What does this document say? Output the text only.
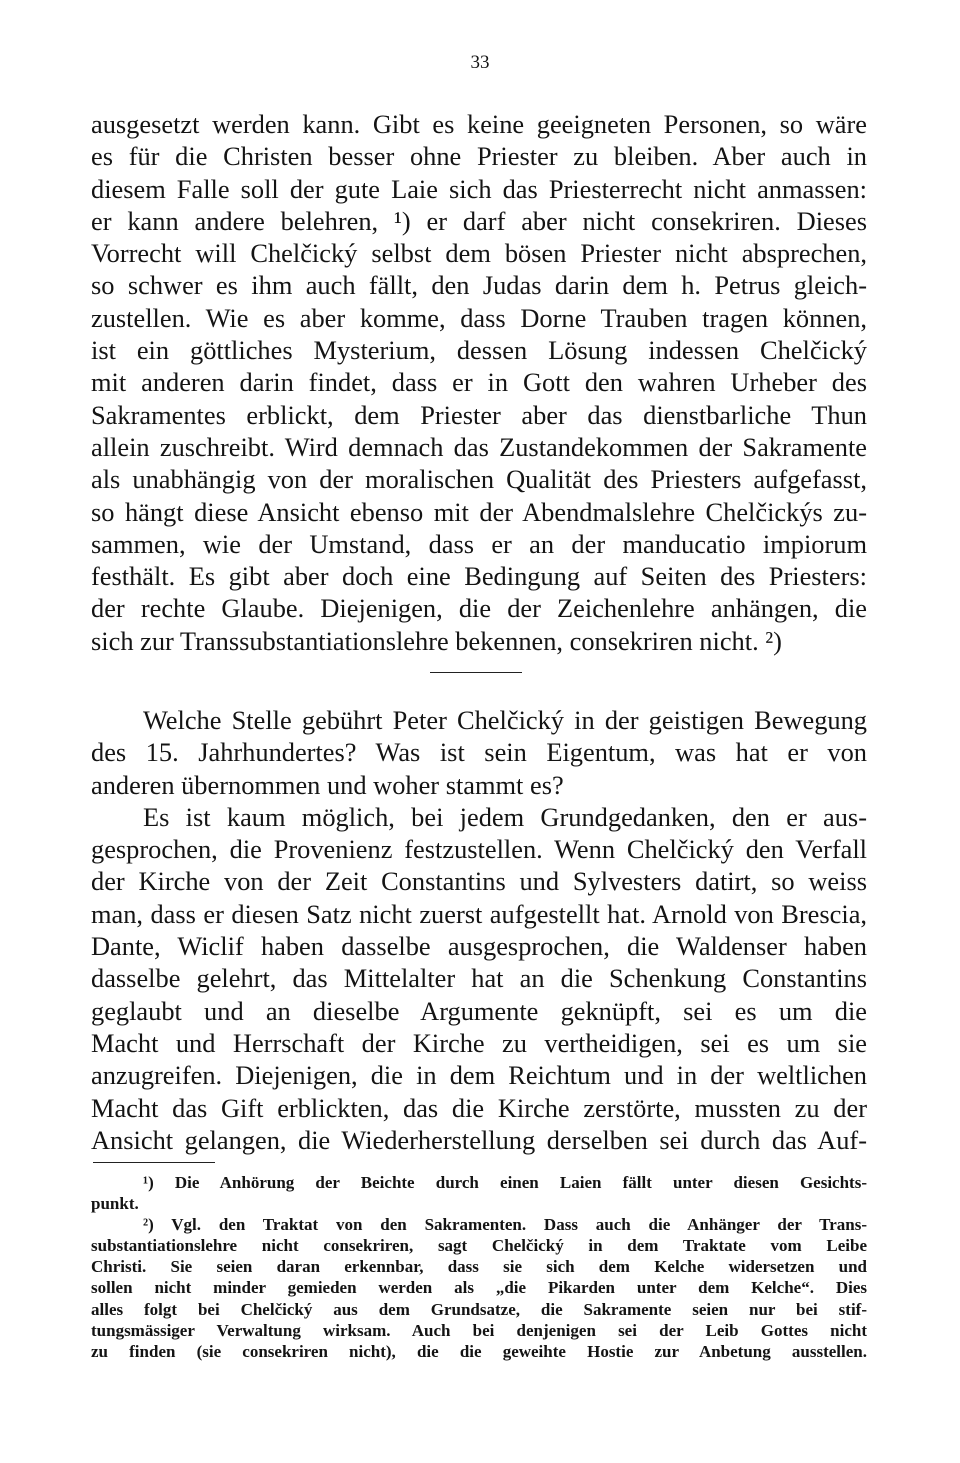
33

ausgesetzt werden kann. Gibt es keine geeigneten Personen, so wäre
es für die Christen besser ohne Priester zu bleiben. Aber auch in
diesem Falle soll der gute Laie sich das Priesterrecht nicht anmassen:
er kann andere belehren, ¹) er darf aber nicht consekriren. Dieses
Vorrecht will Chelčický selbst dem bösen Priester nicht absprechen,
so schwer es ihm auch fällt, den Judas darin dem h. Petrus gleich-
zustellen. Wie es aber komme, dass Dorne Trauben tragen können,
ist ein göttliches Mysterium, dessen Lösung indessen Chelčický
mit anderen darin findet, dass er in Gott den wahren Urheber des
Sakramentes erblickt, dem Priester aber das dienstbarliche Thun
allein zuschreibt. Wird demnach das Zustandekommen der Sakramente
als unabhängig von der moralischen Qualität des Priesters aufgefasst,
so hängt diese Ansicht ebenso mit der Abendmalslehre Chelčickýs zu-
sammen, wie der Umstand, dass er an der manducatio impiorum
festhält. Es gibt aber doch eine Bedingung auf Seiten des Priesters:
der rechte Glaube. Diejenigen, die der Zeichenlehre anhängen, die
sich zur Transsubstantiationslehre bekennen, consekriren nicht. ²)

Welche Stelle gebührt Peter Chelčický in der geistigen Bewegung
des 15. Jahrhundertes? Was ist sein Eigentum, was hat er von
anderen übernommen und woher stammt es?

Es ist kaum möglich, bei jedem Grundgedanken, den er aus-
gesprochen, die Provenienz festzustellen. Wenn Chelčický den Verfall
der Kirche von der Zeit Constantins und Sylvesters datirt, so weiss
man, dass er diesen Satz nicht zuerst aufgestellt hat. Arnold von Brescia,
Dante, Wiclif haben dasselbe ausgesprochen, die Waldenser haben
dasselbe gelehrt, das Mittelalter hat an die Schenkung Constantins
geglaubt und an dieselbe Argumente geknüpft, sei es um die
Macht und Herrschaft der Kirche zu vertheidigen, sei es um sie
anzugreifen. Diejenigen, die in dem Reichtum und in der weltlichen
Macht das Gift erblickten, das die Kirche zerstörte, mussten zu der
Ansicht gelangen, die Wiederherstellung derselben sei durch das Auf-

¹) Die Anhörung der Beichte durch einen Laien fällt unter diesen Gesichts-
punkt.

²) Vgl. den Traktat von den Sakramenten. Dass auch die Anhänger der Trans-
substantiationslehre nicht consekriren, sagt Chelčický in dem Traktate vom Leibe
Christi. Sie seien daran erkennbar, dass sie sich dem Kelche widersetzen und
sollen nicht minder gemieden werden als „die Pikarden unter dem Kelche“. Dies
alles folgt bei Chelčický aus dem Grundsatze, die Sakramente seien nur bei stif-
tungsmässiger Verwaltung wirksam. Auch bei denjenigen sei der Leib Gottes nicht
zu finden (sie consekriren nicht), die die geweihte Hostie zur Anbetung ausstellen.
